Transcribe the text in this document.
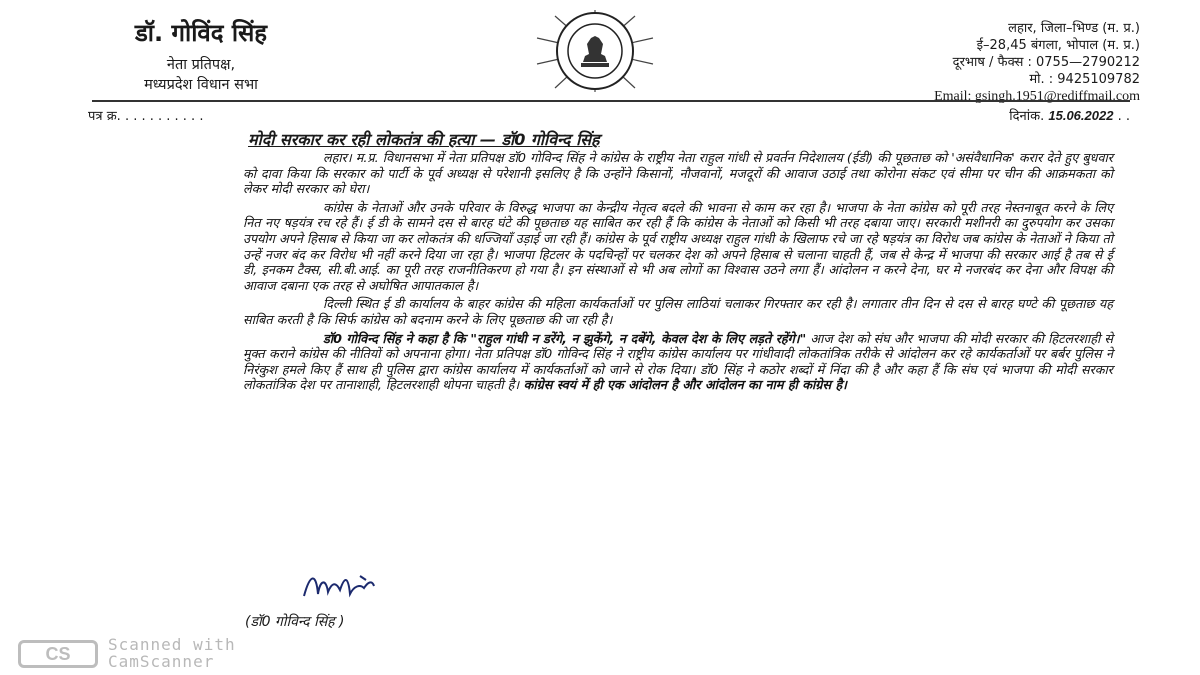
डॉ. गोविंद सिंह
नेता प्रतिपक्ष,
मध्यप्रदेश विधान सभा
लहार, जिला–भिण्ड (म. प्र.)
ई–28,45 बंगला, भोपाल (म. प्र.)
दूरभाष / फैक्स : 0755—2790212
मो. : 9425109782
Email: gsingh.1951@rediffmail.com
पत्र क्र. . . . . . . . . . .	दिनांक. 15.06.2022 . .
मोदी सरकार कर रही लोकतंत्र की हत्या — डॉ0 गोविन्द सिंह

लहार। म.प्र. विधानसभा में नेता प्रतिपक्ष डॉ0 गोविन्द सिंह ने कांग्रेस के राष्ट्रीय नेता राहुल गांधी से प्रवर्तन निदेशालय (ईडी) की पूछताछ को 'असंवैधानिक' करार देते हुए बुधवार को दावा किया कि सरकार को पार्टी के पूर्व अध्यक्ष से परेशानी इसलिए है कि उन्होंने किसानों, नौजवानों, मजदूरों की आवाज उठाई तथा कोरोना संकट एवं सीमा पर चीन की आक्रमकता को लेकर मोदी सरकार को घेरा।

कांग्रेस के नेताओं और उनके परिवार के विरुद्ध भाजपा का केन्द्रीय नेतृत्व बदले की भावना से काम कर रहा है। भाजपा के नेता कांग्रेस को पूरी तरह नेस्तनाबूत करने के लिए नित नए षड़यंत्र रच रहे हैं। ई डी के सामने दस से बारह घंटे की पूछताछ यह साबित कर रही हैं कि कांग्रेस के नेताओं को किसी भी तरह दबाया जाए। सरकारी मशीनरी का दुरुपयोग कर उसका उपयोग अपने हिसाब से किया जा कर लोकतंत्र की धज्जियाँ उड़ाई जा रही हैं। कांग्रेस के पूर्व राष्ट्रीय अध्यक्ष राहुल गांधी के खिलाफ रचे जा रहे षड़यंत्र का विरोध जब कांग्रेस के नेताओं ने किया तो उन्हें नजर बंद कर विरोध भी नहीं करने दिया जा रहा है। भाजपा हिटलर के पदचिन्हों पर चलकर देश को अपने हिसाब से चलाना चाहती हैं, जब से केन्द्र में भाजपा की सरकार आई है तब से ई डी, इनकम टैक्स, सी.बी.आई. का पूरी तरह राजनीतिकरण हो गया है। इन संस्थाओं से भी अब लोगों का विश्वास उठने लगा हैं। आंदोलन न करने देना, घर मे नजरबंद कर देना और विपक्ष की आवाज दबाना एक तरह से अघोषित आपातकाल है।

दिल्ली स्थित ई डी कार्यालय के बाहर कांग्रेस की महिला कार्यकर्ताओं पर पुलिस लाठियां चलाकर गिरफ्तार कर रही है। लगातार तीन दिन से दस से बारह घण्टे की पूछताछ यह साबित करती है कि सिर्फ कांग्रेस को बदनाम करने के लिए पूछताछ की जा रही है।

डॉ0 गोविन्द सिंह ने कहा है कि "राहुल गांधी न डरेंगे, न झुकेंगे, न दबेंगे, केवल देश के लिए लड़ते रहेंगे।" आज देश को संघ और भाजपा की मोदी सरकार की हिटलरशाही से मुक्त कराने कांग्रेस की नीतियों को अपनाना होगा। नेता प्रतिपक्ष डॉ0 गोविन्द सिंह ने राष्ट्रीय कांग्रेस कार्यालय पर गांधीवादी लोकतांत्रिक तरीके से आंदोलन कर रहे कार्यकर्ताओं पर बर्बर पुलिस ने निरंकुश हमले किए हैं साथ ही पुलिस द्वारा कांग्रेस कार्यालय में कार्यकर्ताओं को जाने से रोक दिया। डॉ0 सिंह ने कठोर शब्दों में निंदा की है और कहा हैं कि संघ एवं भाजपा की मोदी सरकार लोकतांत्रिक देश पर तानाशाही, हिटलरशाही थोपना चाहती है। कांग्रेस स्वयं में ही एक आंदोलन है और आंदोलन का नाम ही कांग्रेस है।

(डॉ0 गोविन्द सिंह )
CS	Scanned with
CamScanner
